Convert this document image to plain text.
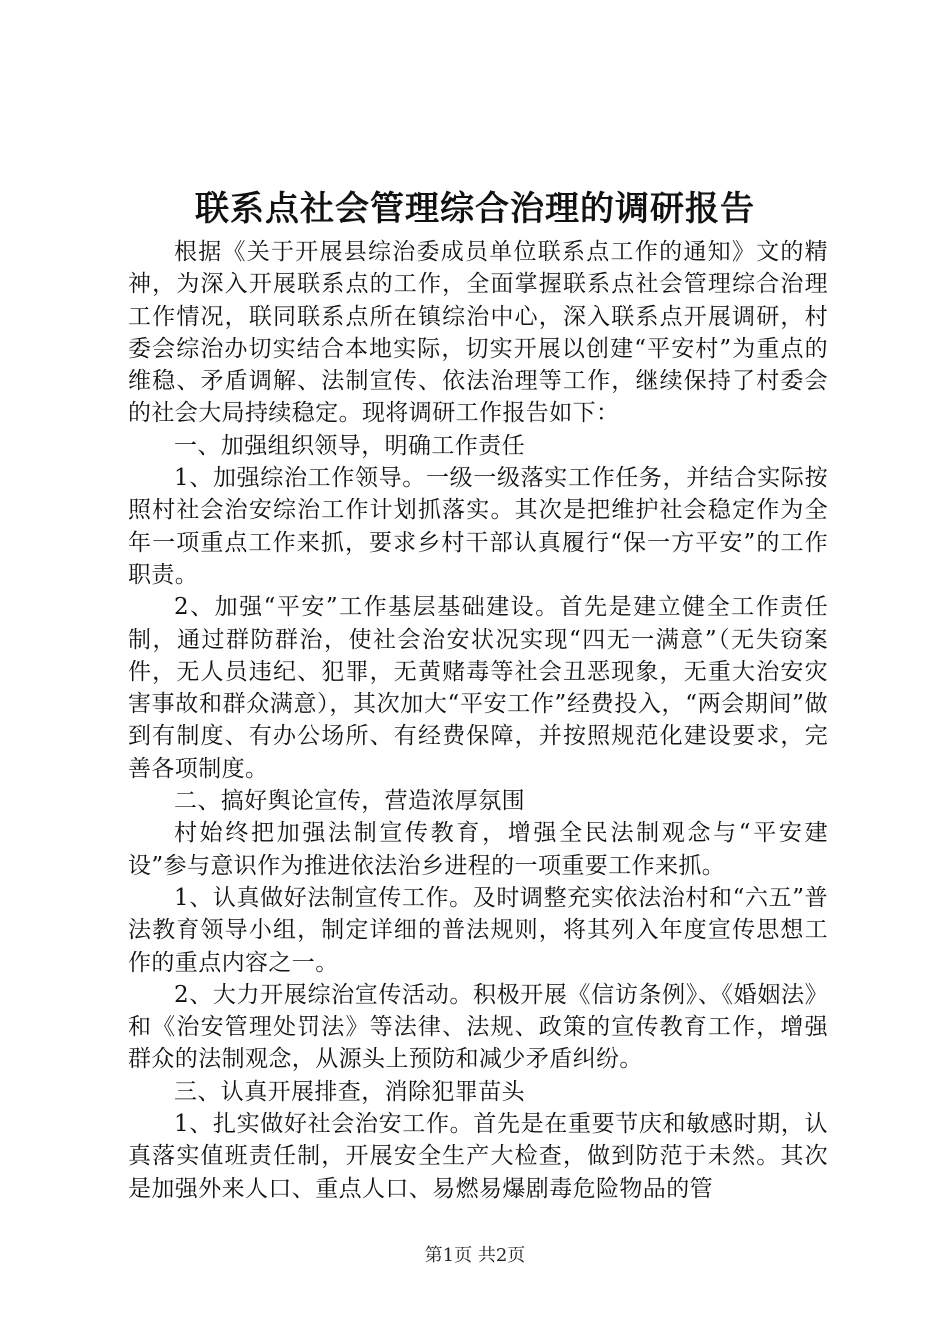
联系点社会管理综合治理的调研报告

根据《关于开展县综治委成员单位联系点工作的通知》文的精神，为深入开展联系点的工作，全面掌握联系点社会管理综合治理工作情况，联同联系点所在镇综治中心，深入联系点开展调研，村委会综治办切实结合本地实际，切实开展以创建“平安村”为重点的维稳、矛盾调解、法制宣传、依法治理等工作，继续保持了村委会的社会大局持续稳定。现将调研工作报告如下：

一、加强组织领导，明确工作责任

1、加强综治工作领导。一级一级落实工作任务，并结合实际按照村社会治安综治工作计划抓落实。其次是把维护社会稳定作为全年一项重点工作来抓，要求乡村干部认真履行“保一方平安”的工作职责。

2、加强“平安”工作基层基础建设。首先是建立健全工作责任制，通过群防群治，使社会治安状况实现“四无一满意”（无失窃案件，无人员违纪、犯罪，无黄赌毒等社会丑恶现象，无重大治安灾害事故和群众满意），其次加大“平安工作”经费投入，“两会期间”做到有制度、有办公场所、有经费保障，并按照规范化建设要求，完善各项制度。

二、搞好舆论宣传，营造浓厚氛围

村始终把加强法制宣传教育，增强全民法制观念与“平安建设”参与意识作为推进依法治乡进程的一项重要工作来抓。

1、认真做好法制宣传工作。及时调整充实依法治村和“六五”普法教育领导小组，制定详细的普法规则，将其列入年度宣传思想工作的重点内容之一。

2、大力开展综治宣传活动。积极开展《信访条例》、《婚姻法》和《治安管理处罚法》等法律、法规、政策的宣传教育工作，增强群众的法制观念，从源头上预防和减少矛盾纠纷。

三、认真开展排查，消除犯罪苗头

1、扎实做好社会治安工作。首先是在重要节庆和敏感时期，认真落实值班责任制，开展安全生产大检查，做到防范于未然。其次是加强外来人口、重点人口、易燃易爆剧毒危险物品的管

第1页 共2页
